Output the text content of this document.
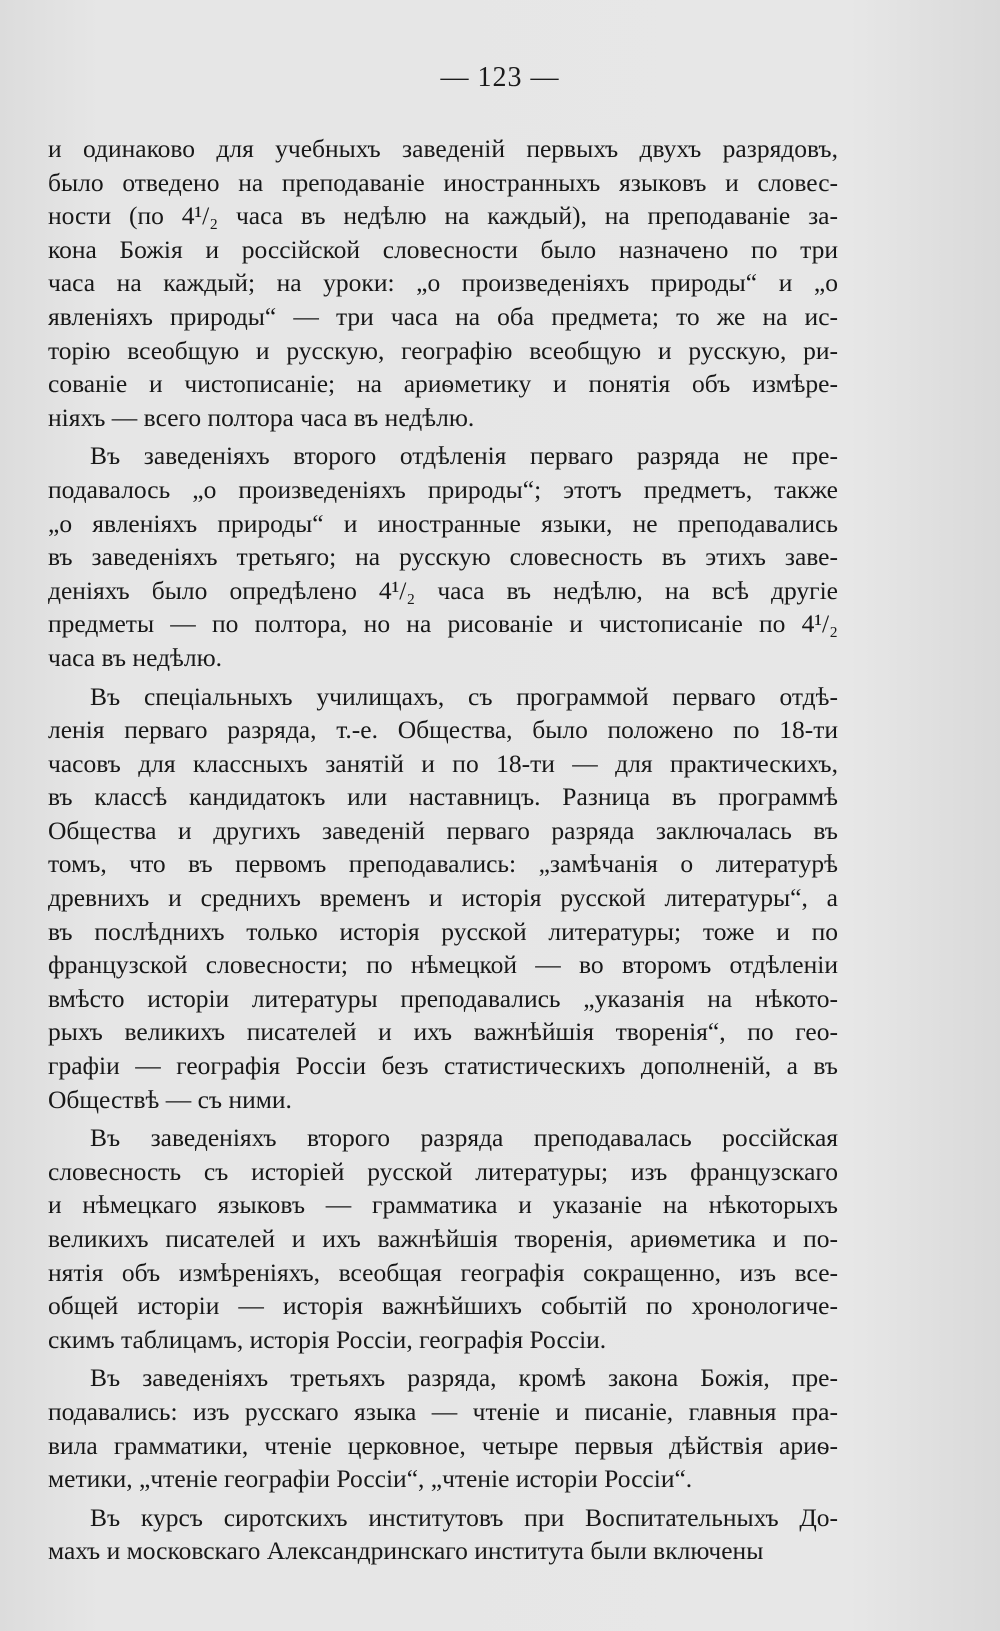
— 123 —
и одинаково для учебныхъ заведеній первыхъ двухъ разрядовъ,
было отведено на преподаваніе иностранныхъ языковъ и словес-
ности (по 4¹/₂ часа въ недѣлю на каждый), на преподаваніе за-
кона Божія и россійской словесности было назначено по три
часа на каждый; на уроки: „о произведеніяхъ природы“ и „о
явленіяхъ природы“ — три часа на оба предмета; то же на ис-
торію всеобщую и русскую, географію всеобщую и русскую, ри-
сованіе и чистописаніе; на ариѳметику и понятія объ измѣре-
ніяхъ — всего полтора часа въ недѣлю.
Въ заведеніяхъ второго отдѣленія перваго разряда не пре-
подавалось „о произведеніяхъ природы“; этотъ предметъ, также
„о явленіяхъ природы“ и иностранные языки, не преподавались
въ заведеніяхъ третьяго; на русскую словесность въ этихъ заве-
деніяхъ было опредѣлено 4¹/₂ часа въ недѣлю, на всѣ другіе
предметы — по полтора, но на рисованіе и чистописаніе по 4¹/₂
часа въ недѣлю.
Въ спеціальныхъ училищахъ, съ программой перваго отдѣ-
ленія перваго разряда, т.-е. Общества, было положено по 18-ти
часовъ для классныхъ занятій и по 18-ти — для практическихъ,
въ классѣ кандидатокъ или наставницъ. Разница въ программѣ
Общества и другихъ заведеній перваго разряда заключалась въ
томъ, что въ первомъ преподавались: „замѣчанія о литературѣ
древнихъ и среднихъ временъ и исторія русской литературы“, а
въ послѣднихъ только исторія русской литературы; тоже и по
французской словесности; по нѣмецкой — во второмъ отдѣленіи
вмѣсто исторіи литературы преподавались „указанія на нѣкото-
рыхъ великихъ писателей и ихъ важнѣйшія творенія“, по гео-
графіи — географія Россіи безъ статистическихъ дополненій, а въ
Обществѣ — съ ними.
Въ заведеніяхъ второго разряда преподавалась россійская
словесность съ исторіей русской литературы; изъ французскаго
и нѣмецкаго языковъ — грамматика и указаніе на нѣкоторыхъ
великихъ писателей и ихъ важнѣйшія творенія, ариѳметика и по-
нятія объ измѣреніяхъ, всеобщая географія сокращенно, изъ все-
общей исторіи — исторія важнѣйшихъ событій по хронологиче-
скимъ таблицамъ, исторія Россіи, географія Россіи.
Въ заведеніяхъ третьяхъ разряда, кромѣ закона Божія, пре-
подавались: изъ русскаго языка — чтеніе и писаніе, главныя пра-
вила грамматики, чтеніе церковное, четыре первыя дѣйствія ариѳ-
метики, „чтеніе географіи Россіи“, „чтеніе исторіи Россіи“.
Въ курсъ сиротскихъ институтовъ при Воспитательныхъ До-
махъ и московскаго Александринскаго института были включены
